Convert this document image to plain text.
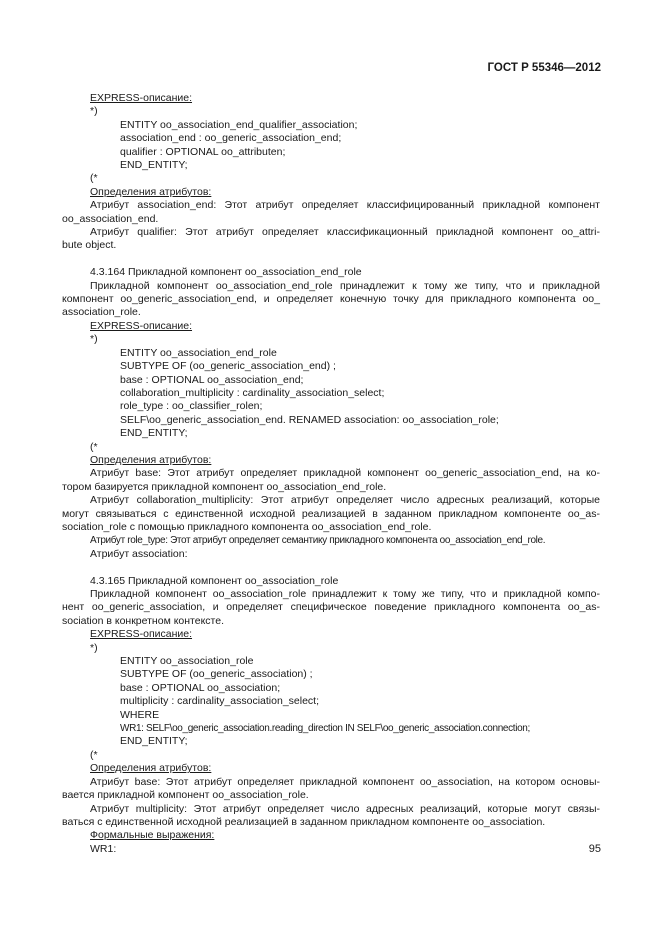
ГОСТ Р 55346—2012
EXPRESS-описание:
*)
ENTITY oo_association_end_qualifier_association;
association_end : oo_generic_association_end;
qualifier : OPTIONAL oo_attributen;
END_ENTITY;
(*
Определения атрибутов:
Атрибут association_end: Этот атрибут определяет классифицированный прикладной компонент
oo_association_end.
Атрибут qualifier: Этот атрибут определяет классификационный прикладной компонент oo_attri-
bute object.
4.3.164 Прикладной компонент oo_association_end_role
Прикладной компонент oo_association_end_role принадлежит к тому же типу, что и прикладной
компонент oo_generic_association_end, и определяет конечную точку для прикладного компонента oo_
association_role.
EXPRESS-описание:
*)
ENTITY oo_association_end_role
SUBTYPE OF (oo_generic_association_end) ;
base : OPTIONAL oo_association_end;
collaboration_multiplicity : cardinality_association_select;
role_type : oo_classifier_rolen;
SELF\oo_generic_association_end. RENAMED association: oo_association_role;
END_ENTITY;
(*
Определения атрибутов:
Атрибут base: Этот атрибут определяет прикладной компонент oo_generic_association_end, на ко-
тором базируется прикладной компонент oo_association_end_role.
Атрибут collaboration_multiplicity: Этот атрибут определяет число адресных реализаций, которые
могут связываться с единственной исходной реализацией в заданном прикладном компоненте oo_as-
sociation_role с помощью прикладного компонента oo_association_end_role.
Атрибут role_type: Этот атрибут определяет семантику прикладного компонента oo_association_end_role.
Атрибут association:
4.3.165 Прикладной компонент oo_association_role
Прикладной компонент oo_association_role принадлежит к тому же типу, что и прикладной компо-
нент oo_generic_association, и определяет специфическое поведение прикладного компонента oo_as-
sociation в конкретном контексте.
EXPRESS-описание:
*)
ENTITY oo_association_role
SUBTYPE OF (oo_generic_association) ;
base : OPTIONAL oo_association;
multiplicity : cardinality_association_select;
WHERE
WR1: SELF\oo_generic_association.reading_direction IN SELF\oo_generic_association.connection;
END_ENTITY;
(*
Определения атрибутов:
Атрибут base: Этот атрибут определяет прикладной компонент oo_association, на котором основы-
вается прикладной компонент oo_association_role.
Атрибут multiplicity: Этот атрибут определяет число адресных реализаций, которые могут связы-
ваться с единственной исходной реализацией в заданном прикладном компоненте oo_association.
Формальные выражения:
WR1:	95
